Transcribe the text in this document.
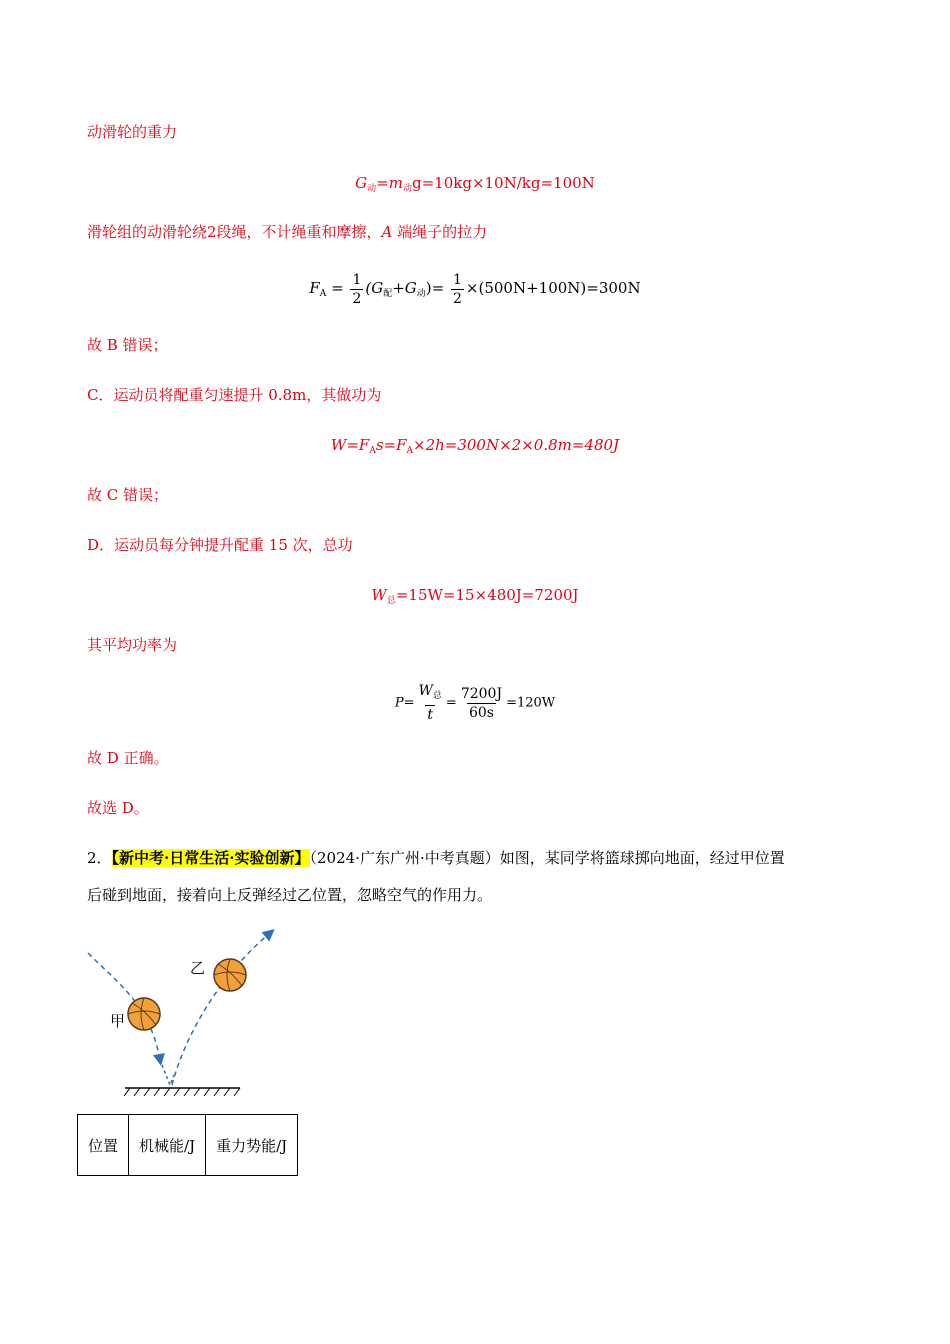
动滑轮的重力
$G_动=m_动g=10kg\times 10N/kg=100N$
滑轮组的动滑轮绕2段绳，不计绳重和摩擦，A 端绳子的拉力
$F_A = \frac{1}{2} (G_配+G_动)= \frac{1}{2} \times(500N+100N)=300N$
故 B 错误；
C．运动员将配重匀速提升 0.8m，其做功为
$W=F_As=F_A\times 2h=300N\times 2\times 0.8m=480J$
故 C 错误；
D．运动员每分钟提升配重 15 次，总功
$W_总=15W=15\times 480J=7200J$
其平均功率为
$P= \frac{W_总}{t} = \frac{7200J}{60s} =120W$
故 D 正确。
故选 D。
2．【新中考·日常生活·实验创新】（2024·广东广州·中考真题）如图，某同学将篮球掷向地面，经过甲位置
后碰到地面，接着向上反弹经过乙位置，忽略空气的作用力。
甲
乙
位置	机械能/J	重力势能/J
